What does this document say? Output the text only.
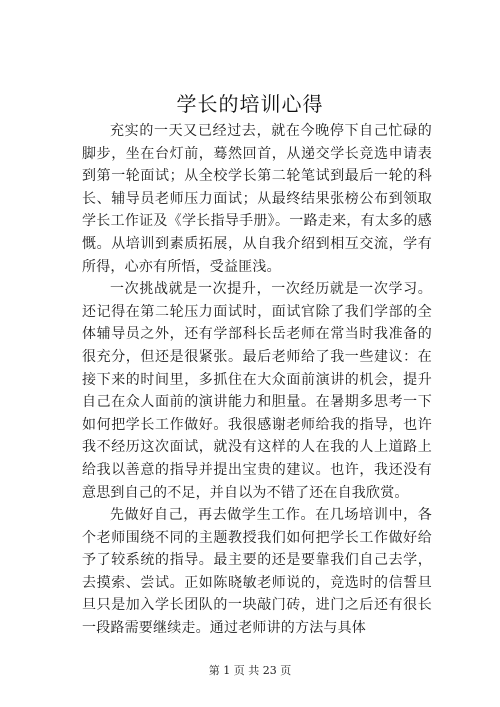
学长的培训心得

充实的一天又已经过去，就在今晚停下自己忙碌的脚步，坐在台灯前，蓦然回首，从递交学长竞选申请表到第一轮面试；从全校学长第二轮笔试到最后一轮的科长、辅导员老师压力面试；从最终结果张榜公布到领取学长工作证及《学长指导手册》。一路走来，有太多的感慨。从培训到素质拓展，从自我介绍到相互交流，学有所得，心亦有所悟，受益匪浅。

一次挑战就是一次提升，一次经历就是一次学习。还记得在第二轮压力面试时，面试官除了我们学部的全体辅导员之外，还有学部科长岳老师在常当时我准备的很充分，但还是很紧张。最后老师给了我一些建议：在接下来的时间里，多抓住在大众面前演讲的机会，提升自己在众人面前的演讲能力和胆量。在暑期多思考一下如何把学长工作做好。我很感谢老师给我的指导，也许我不经历这次面试，就没有这样的人在我的人上道路上给我以善意的指导并提出宝贵的建议。也许，我还没有意思到自己的不足，并自以为不错了还在自我欣赏。

先做好自己，再去做学生工作。在几场培训中，各个老师围绕不同的主题教授我们如何把学长工作做好给予了较系统的指导。最主要的还是要靠我们自己去学，去摸索、尝试。正如陈晓敏老师说的，竞选时的信誓旦旦只是加入学长团队的一块敲门砖，进门之后还有很长一段路需要继续走。通过老师讲的方法与具体

第 1 页 共 23 页
